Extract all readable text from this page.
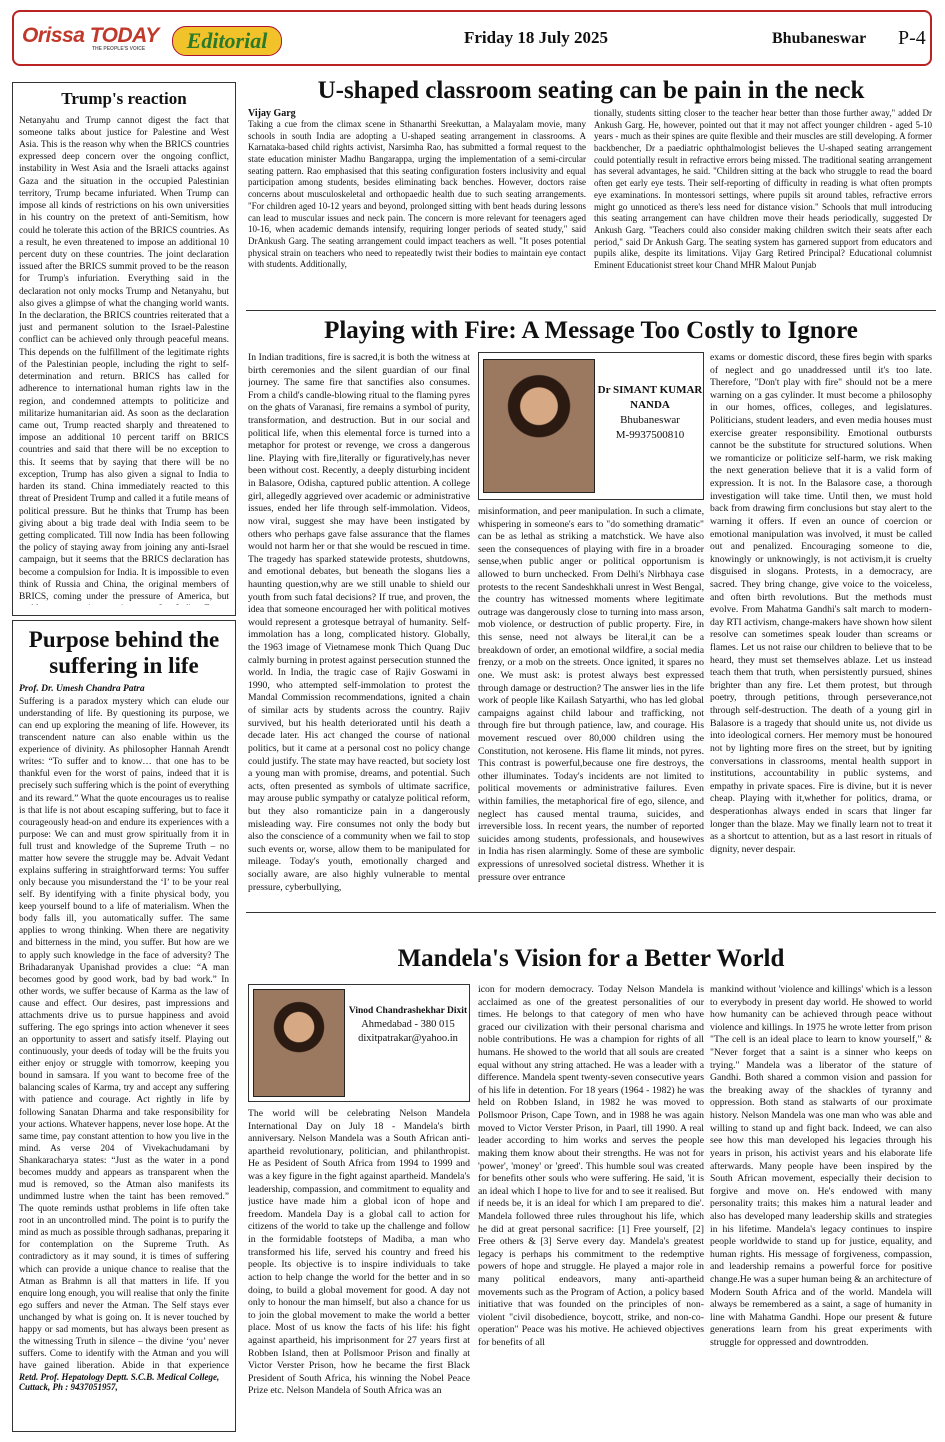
Orissa TODAY
THE PEOPLE'S VOICE	Editorial	Friday 18 July 2025	Bhubaneswar P-4
Trump's reaction
Netanyahu and Trump cannot digest the fact that someone talks about justice for Palestine and West Asia. This is the reason why when the BRICS countries expressed deep concern over the ongoing conflict, instability in West Asia and the Israeli attacks against Gaza and the situation in the occupied Palestinian territory, Trump became infuriated. When Trump can impose all kinds of restrictions on his own universities in his country on the pretext of anti-Semitism, how could he tolerate this action of the BRICS countries. As a result, he even threatened to impose an additional 10 percent duty on these countries. The joint declaration issued after the BRICS summit proved to be the reason for Trump's infuriation. Everything said in the declaration not only mocks Trump and Netanyahu, but also gives a glimpse of what the changing world wants. In the declaration, the BRICS countries reiterated that a just and permanent solution to the Israel-Palestine conflict can be achieved only through peaceful means. This depends on the fulfillment of the legitimate rights of the Palestinian people, including the right to self-determination and return. BRICS has called for adherence to international human rights law in the region, and condemned attempts to politicize and militarize humanitarian aid. As soon as the declaration came out, Trump reacted sharply and threatened to impose an additional 10 percent tariff on BRICS countries and said that there will be no exception to this. It seems that by saying that there will be no exception, Trump has also given a signal to India to harden its stand. China immediately reacted to this threat of President Trump and called it a futile means of political pressure. But he thinks that Trump has been giving about a big trade deal with India seem to be getting complicated. Till now India has been following the policy of staying away from joining any anti-Israel campaign, but it seems that the BRICS declaration has become a compulsion for India. It is impossible to even think of Russia and China, the original members of BRICS, coming under the pressure of America, but
Purpose behind the suffering in life
Prof. Dr. Umesh Chandra Patra
Suffering is a paradox mystery which can elude our understanding of life. By questioning its purpose, we can end up exploring the meaning of life. However, its transcendent nature can also enable within us the experience of divinity. As philosopher Hannah Arendt writes: “To suffer and to know… that one has to be thankful even for the worst of pains, indeed that it is precisely such suffering which is the point of everything and its reward.” What the quote encourages us to realise is that life is not about escaping suffering, but to face it courageously head-on and endure its experiences with a purpose: We can and must grow spiritually from it in full trust and knowledge of the Supreme Truth – no matter how severe the struggle may be. Advait Vedant explains suffering in straightforward terms: You suffer only because you misunderstand the ‘I’ to be your real self. By identifying with a finite physical body, you keep yourself bound to a life of materialism. When the body falls ill, you automatically suffer. The same applies to wrong thinking. When there are negativity and bitterness in the mind, you suffer. But how are we to apply such knowledge in the face of adversity? The Brihadaranyak Upanishad provides a clue: “A man becomes good by good work, bad by bad work.” In other words, we suffer because of Karma as the law of cause and effect. Our desires, past impressions and attachments drive us to pursue happiness and avoid suffering. The ego springs into action whenever it sees an opportunity to assert and satisfy itself. Playing out continuously, your deeds of today will be the fruits you either enjoy or struggle with tomorrow, keeping you bound in samsara. If you want to become free of the balancing scales of Karma, try and accept any suffering with patience and courage. Act rightly in life by following Sanatan Dharma and take responsibility for your actions. Whatever happens, never lose hope. At the same time, pay constant attention to how you live in the mind. As verse 204 of Vivekachudamani by Shankaracharya states: “Just as the water in a pond becomes muddy and appears as transparent when the mud is removed, so the Atman also manifests its undimmed lustre when the taint has been removed.” The quote reminds usthat problems in life often take root in an uncontrolled mind. The point is to purify the mind as much as possible through sadhanas, preparing it for contemplation on the Supreme Truth. As contradictory as it may sound, it is times of suffering which can provide a unique chance to realise that the Atman as Brahmn is all that matters in life. If you enquire long enough, you will realise that only the finite ego suffers and never the Atman. The Self stays ever unchanged by what is going on. It is never touched by happy or sad moments, but has always been present as the witnessing Truth in silence – the divine ‘you’ never suffers. Come to identify with the Atman and you will have gained liberation. Abide in that experience
Retd. Prof. Hepatology Deptt. S.C.B. Medical College, Cuttack, Ph : 9437051957,
U-shaped classroom seating can be pain in the neck
Vijay Garg
Taking a cue from the climax scene in Sthanarthi Sreekuttan, a Malayalam movie, many schools in south India are adopting a U-shaped seating arrangement in classrooms. A Karnataka-based child rights activist, Narsimha Rao, has submitted a formal request to the state education minister Madhu Bangarappa, urging the implementation of a semi-circular seating pattern. Rao emphasised that this seating configuration fosters inclusivity and equal participation among students, besides eliminating back benches. However, doctors raise concerns about musculoskeletal and orthopaedic health due to such seating arrangements. "For children aged 10-12 years and beyond, prolonged sitting with bent heads during lessons can lead to muscular issues and neck pain. The concern is more relevant for teenagers aged 10-16, when academic demands intensify, requiring longer periods of seated study," said DrAnkush Garg. The seating arrangement could impact teachers as well. "It poses potential physical strain on teachers who need to repeatedly twist their bodies to maintain eye contact with students. Additionally,
tionally, students sitting closer to the teacher hear better than those further away," added Dr Ankush Garg. He, however, pointed out that it may not affect younger children - aged 5-10 years - much as their spines are quite flexible and their muscles are still developing. A former backbencher, Dr a paediatric ophthalmologist believes the U-shaped seating arrangement could potentially result in refractive errors being missed. The traditional seating arrangement has several advantages, he said. "Children sitting at the back who struggle to read the board often get early eye tests. Their self-reporting of difficulty in reading is what often prompts eye examinations. In montessori settings, where pupils sit around tables, refractive errors might go unnoticed as there's less need for distance vision." Schools that mull introducing this seating arrangement can have children move their heads periodically, suggested Dr Ankush Garg. "Teachers could also consider making children switch their seats after each period," said Dr Ankush Garg. The seating system has garnered support from educators and pupils alike, despite its limitations. Vijay Garg Retired Principal? Educational columnist Eminent Educationist street kour Chand MHR Malout Punjab
Playing with Fire: A Message Too Costly to Ignore
In Indian traditions, fire is sacred,it is both the witness at birth ceremonies and the silent guardian of our final journey. The same fire that sanctifies also consumes. From a child's candle-blowing ritual to the flaming pyres on the ghats of Varanasi, fire remains a symbol of purity, transformation, and destruction. But in our social and political life, when this elemental force is turned into a metaphor for protest or revenge, we cross a dangerous line. Playing with fire,literally or figuratively,has never been without cost. Recently, a deeply disturbing incident in Balasore, Odisha, captured public attention. A college girl, allegedly aggrieved over academic or administrative issues, ended her life through self-immolation. Videos, now viral, suggest she may have been instigated by others who perhaps gave false assurance that the flames would not harm her or that she would be rescued in time. The tragedy has sparked statewide protests, shutdowns, and emotional debates, but beneath the slogans lies a haunting question,why are we still unable to shield our youth from such fatal decisions? If true, and proven, the idea that someone encouraged her with political motives would represent a grotesque betrayal of humanity. Self-immolation has a long, complicated history. Globally, the 1963 image of Vietnamese monk Thich Quang Duc calmly burning in protest against persecution stunned the world. In India, the tragic case of Rajiv Goswami in 1990, who attempted self-immolation to protest the Mandal Commission recommendations, ignited a chain of similar acts by students across the country. Rajiv survived, but his health deteriorated until his death a decade later. His act changed the course of national politics, but it came at a personal cost no policy change could justify. The state may have reacted, but society lost a young man with promise, dreams, and potential. Such acts, often presented as symbols of ultimate sacrifice, may arouse public sympathy or catalyze political reform, but they also romanticize pain in a dangerously misleading way. Fire consumes not only the body but also the conscience of a community when we fail to stop such events or, worse, allow them to be manipulated for mileage. Today's youth, emotionally charged and socially aware, are also highly vulnerable to mental pressure, cyberbullying,
Dr SIMANT KUMAR NANDA
Bhubaneswar
M-9937500810
misinformation, and peer manipulation. In such a climate, whispering in someone's ears to "do something dramatic" can be as lethal as striking a matchstick. We have also seen the consequences of playing with fire in a broader sense,when public anger or political opportunism is allowed to burn unchecked. From Delhi's Nirbhaya case protests to the recent Sandeshkhali unrest in West Bengal, the country has witnessed moments where legitimate outrage was dangerously close to turning into mass arson, mob violence, or destruction of public property. Fire, in this sense, need not always be literal,it can be a breakdown of order, an emotional wildfire, a social media frenzy, or a mob on the streets. Once ignited, it spares no one. We must ask: is protest always best expressed through damage or destruction? The answer lies in the life work of people like Kailash Satyarthi, who has led global campaigns against child labour and trafficking, not through fire but through patience, law, and courage. His movement rescued over 80,000 children using the Constitution, not kerosene. His flame lit minds, not pyres. This contrast is powerful,because one fire destroys, the other illuminates. Today's incidents are not limited to political movements or administrative failures. Even within families, the metaphorical fire of ego, silence, and neglect has caused mental trauma, suicides, and irreversible loss. In recent years, the number of reported suicides among students, professionals, and housewives in India has risen alarmingly. Some of these are symbolic expressions of unresolved societal distress. Whether it is pressure over entrance
exams or domestic discord, these fires begin with sparks of neglect and go unaddressed until it's too late. Therefore, "Don't play with fire" should not be a mere warning on a gas cylinder. It must become a philosophy in our homes, offices, colleges, and legislatures. Politicians, student leaders, and even media houses must exercise greater responsibility. Emotional outbursts cannot be the substitute for structured solutions. When we romanticize or politicize self-harm, we risk making the next generation believe that it is a valid form of expression. It is not. In the Balasore case, a thorough investigation will take time. Until then, we must hold back from drawing firm conclusions but stay alert to the warning it offers. If even an ounce of coercion or emotional manipulation was involved, it must be called out and penalized. Encouraging someone to die, knowingly or unknowingly, is not activism,it is cruelty disguised in slogans. Protests, in a democracy, are sacred. They bring change, give voice to the voiceless, and often birth revolutions. But the methods must evolve. From Mahatma Gandhi's salt march to modern-day RTI activism, change-makers have shown how silent resolve can sometimes speak louder than screams or flames. Let us not raise our children to believe that to be heard, they must set themselves ablaze. Let us instead teach them that truth, when persistently pursued, shines brighter than any fire. Let them protest, but through poetry, through petitions, through perseverance,not through self-destruction. The death of a young girl in Balasore is a tragedy that should unite us, not divide us into ideological corners. Her memory must be honoured not by lighting more fires on the street, but by igniting conversations in classrooms, mental health support in institutions, accountability in public systems, and empathy in private spaces. Fire is divine, but it is never cheap. Playing with it,whether for politics, drama, or desperationhas always ended in scars that linger far longer than the blaze. May we finally learn not to treat it as a shortcut to attention, but as a last resort in rituals of dignity, never despair.
Mandela's Vision for a Better World
Vinod Chandrashekhar Dixit
Ahmedabad - 380 015
dixitpatrakar@yahoo.in
The world will be celebrating Nelson Mandela International Day on July 18 - Mandela's birth anniversary. Nelson Mandela was a South African anti-apartheid revolutionary, politician, and philanthropist. He as Pesident of South Africa from 1994 to 1999 and was a key figure in the fight against apartheid. Mandela's leadership, compassion, and commitment to equality and justice have made him a global icon of hope and freedom. Mandela Day is a global call to action for citizens of the world to take up the challenge and follow in the formidable footsteps of Madiba, a man who transformed his life, served his country and freed his people. Its objective is to inspire individuals to take action to help change the world for the better and in so doing, to build a global movement for good. A day not only to honour the man himself, but also a chance for us to join the global movement to make the world a better place. Most of us know the facts of his life: his fight against apartheid, his imprisonment for 27 years first at Robben Island, then at Pollsmoor Prison and finally at Victor Verster Prison, how he became the first Black President of South Africa, his winning the Nobel Peace Prize etc. Nelson Mandela of South Africa was an
icon for modern democracy. Today Nelson Mandela is acclaimed as one of the greatest personalities of our times. He belongs to that category of men who have graced our civilization with their personal charisma and noble contributions. He was a champion for rights of all humans. He showed to the world that all souls are created equal without any string attached. He was a leader with a difference. Mandela spent twenty-seven consecutive years of his life in detention. For 18 years (1964 - 1982) he was held on Robben Island, in 1982 he was moved to Pollsmoor Prison, Cape Town, and in 1988 he was again moved to Victor Verster Prison, in Paarl, till 1990. A real leader according to him works and serves the people making them know about their strengths. He was not for 'power', 'money' or 'greed'. This humble soul was created for benefits other souls who were suffering. He said, 'it is an ideal which I hope to live for and to see it realised. But if needs be, it is an ideal for which I am prepared to die'. Mandela followed three rules throughout his life, which he did at great personal sacrifice: [1] Free yourself, [2] Free others & [3] Serve every day. Mandela's greatest legacy is perhaps his commitment to the redemptive powers of hope and struggle. He played a major role in many political endeavors, many anti-apartheid movements such as the Program of Action, a policy based initiative that was founded on the principles of non-violent "civil disobedience, boycott, strike, and non-co-operation" Peace was his motive. He achieved objectives for benefits of all
mankind without 'violence and killings' which is a lesson to everybody in present day world. He showed to world how humanity can be achieved through peace without violence and killings. In 1975 he wrote letter from prison "The cell is an ideal place to learn to know yourself," & "Never forget that a saint is a sinner who keeps on trying." Mandela was a liberator of the stature of Gandhi. Both shared a common vision and passion for the breaking away of the shackles of tyranny and oppression. Both stand as stalwarts of our proximate history. Nelson Mandela was one man who was able and willing to stand up and fight back. Indeed, we can also see how this man developed his legacies through his years in prison, his activist years and his elaborate life afterwards. Many people have been inspired by the South African movement, especially their decision to forgive and move on. He's endowed with many personality traits; this makes him a natural leader and also has developed many leadership skills and strategies in his lifetime. Mandela's legacy continues to inspire people worldwide to stand up for justice, equality, and human rights. His message of forgiveness, compassion, and leadership remains a powerful force for positive change.He was a super human being & an architecture of Modern South Africa and of the world. Mandela will always be remembered as a saint, a sage of humanity in line with Mahatma Gandhi. Hope our present & future generations learn from his great experiments with struggle for oppressed and downtrodden.
